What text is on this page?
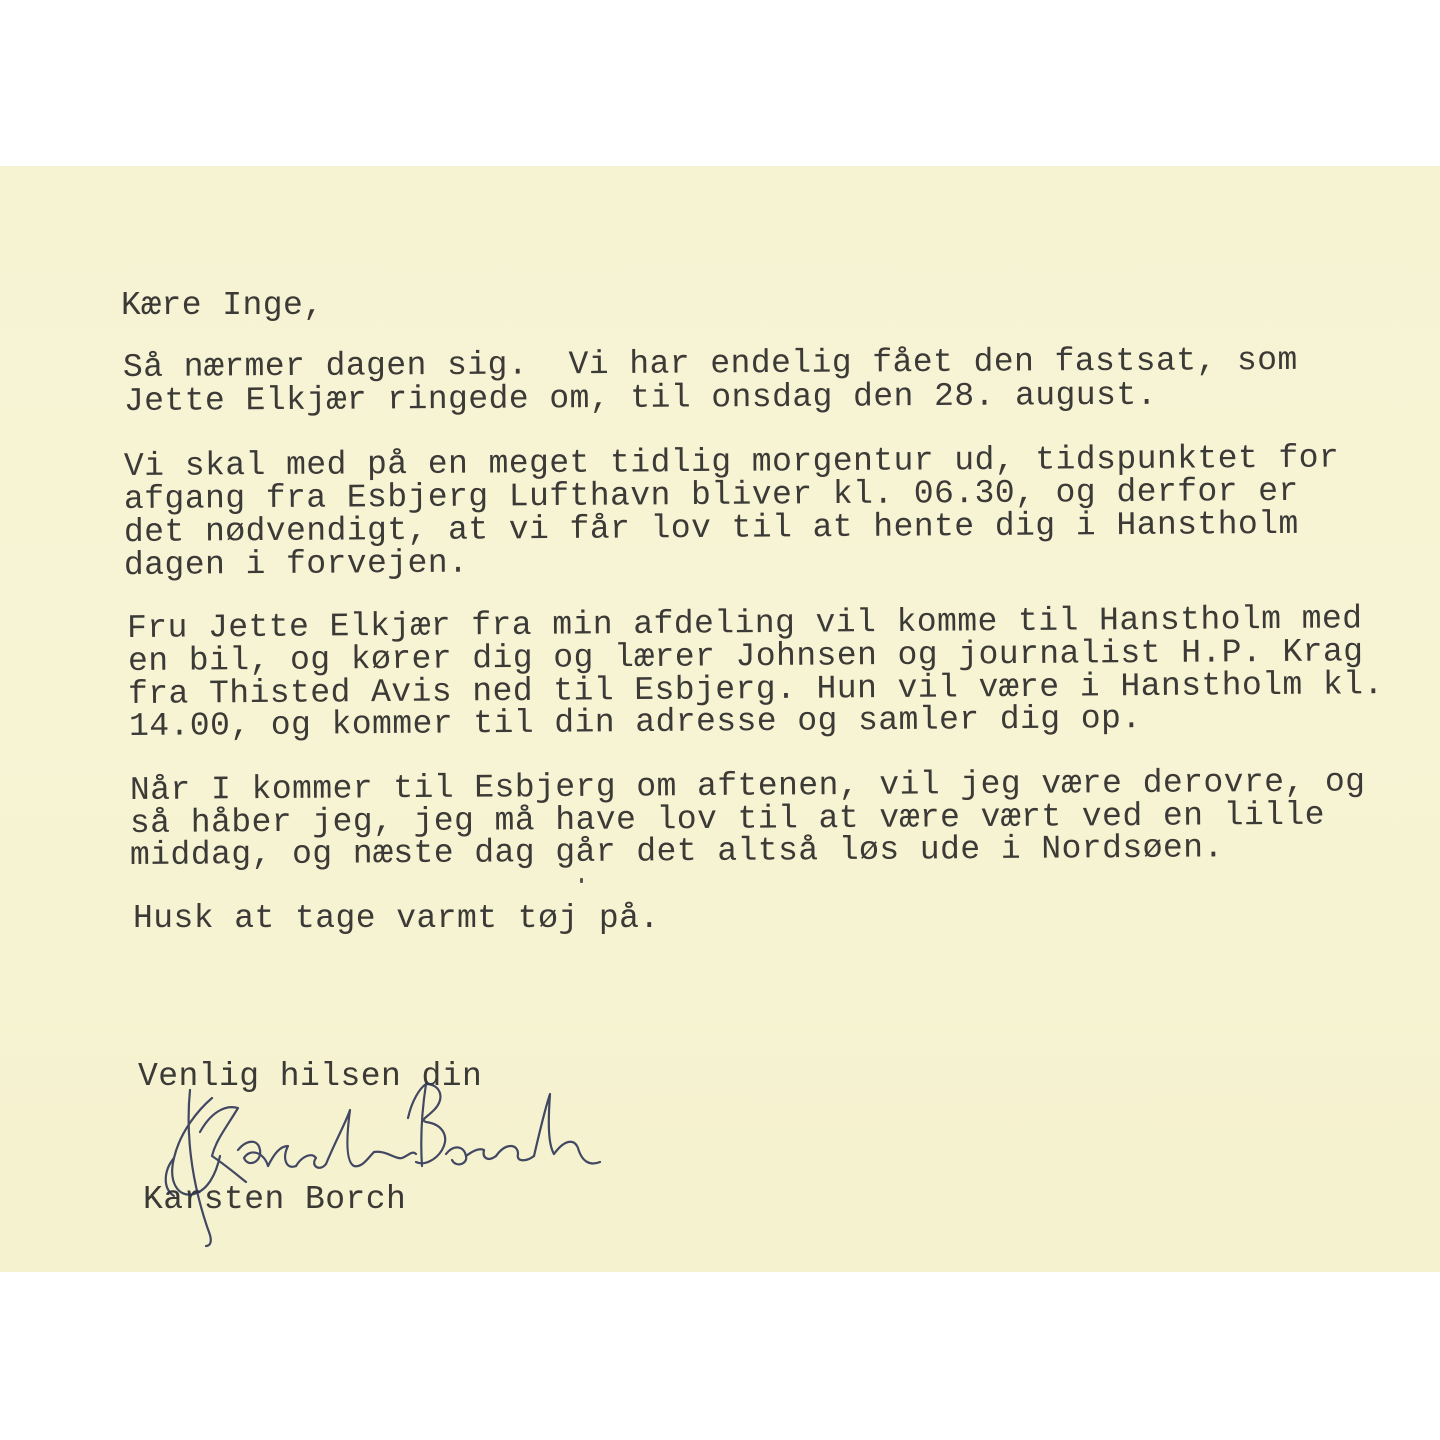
Kære Inge,

Så nærmer dagen sig.  Vi har endelig fået den fastsat, som

Jette Elkjær ringede om, til onsdag den 28. august.

Vi skal med på en meget tidlig morgentur ud, tidspunktet for

afgang fra Esbjerg Lufthavn bliver kl. 06.30, og derfor er

det nødvendigt, at vi får lov til at hente dig i Hanstholm

dagen i forvejen.

Fru Jette Elkjær fra min afdeling vil komme til Hanstholm med

en bil, og kører dig og lærer Johnsen og journalist H.P. Krag

fra Thisted Avis ned til Esbjerg. Hun vil være i Hanstholm kl.

14.00, og kommer til din adresse og samler dig op.

Når I kommer til Esbjerg om aftenen, vil jeg være derovre, og

så håber jeg, jeg må have lov til at være vært ved en lille

middag, og næste dag går det altså løs ude i Nordsøen.

Husk at tage varmt tøj på.

Venlig hilsen din

Karsten Borch
